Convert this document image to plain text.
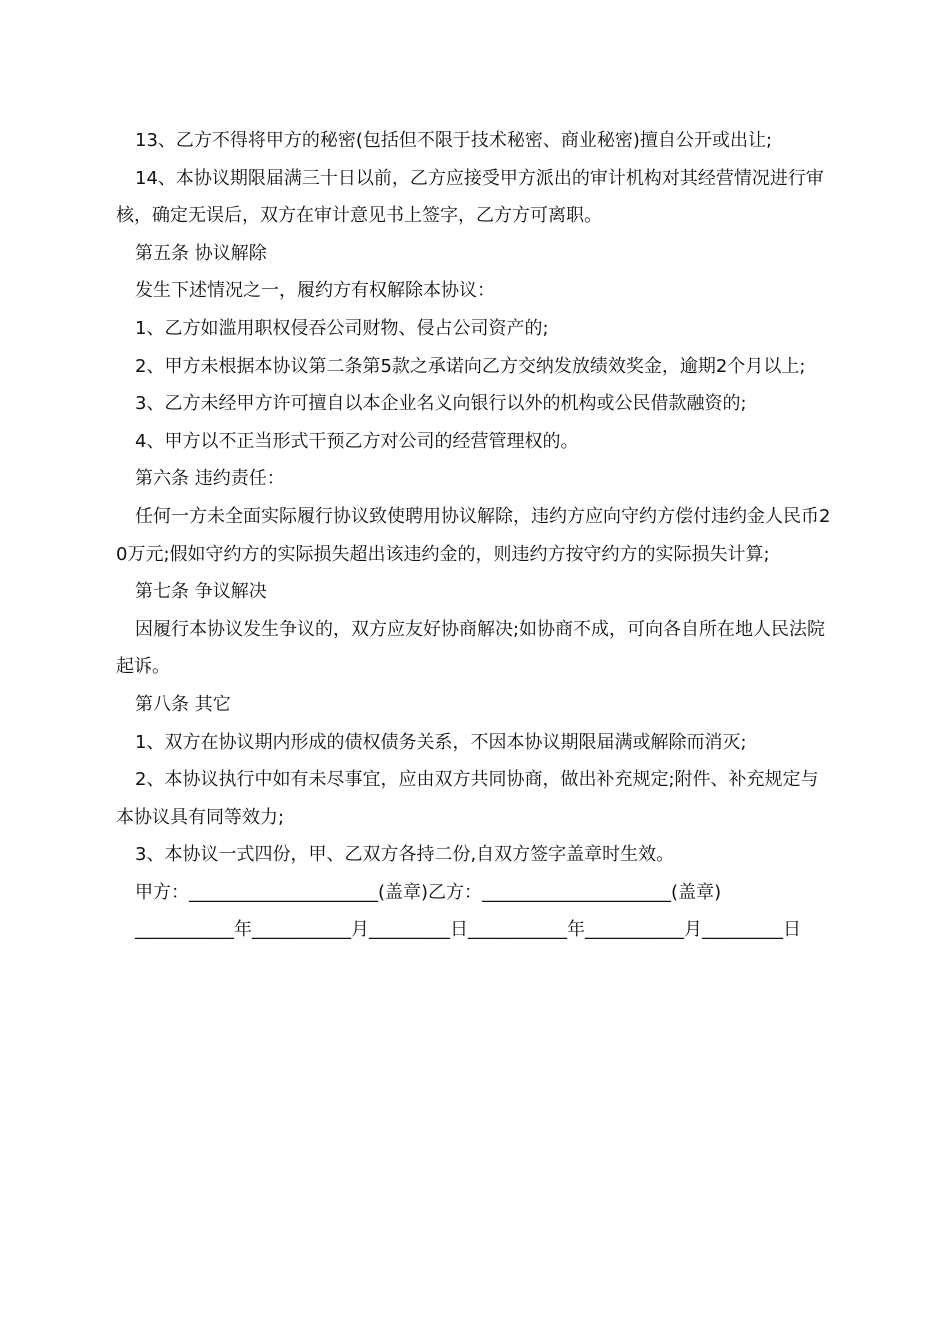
13、乙方不得将甲方的秘密(包括但不限于技术秘密、商业秘密)擅自公开或出让;

14、本协议期限届满三十日以前，乙方应接受甲方派出的审计机构对其经营情况进行审核，确定无误后，双方在审计意见书上签字，乙方方可离职。

第五条 协议解除

发生下述情况之一，履约方有权解除本协议：

1、乙方如滥用职权侵吞公司财物、侵占公司资产的;

2、甲方未根据本协议第二条第5款之承诺向乙方交纳发放绩效奖金，逾期2个月以上;

3、乙方未经甲方许可擅自以本企业名义向银行以外的机构或公民借款融资的;

4、甲方以不正当形式干预乙方对公司的经营管理权的。

第六条 违约责任：

任何一方未全面实际履行协议致使聘用协议解除，违约方应向守约方偿付违约金人民币20万元;假如守约方的实际损失超出该违约金的，则违约方按守约方的实际损失计算;

第七条 争议解决

因履行本协议发生争议的，双方应友好协商解决;如协商不成，可向各自所在地人民法院起诉。

第八条 其它

1、双方在协议期内形成的债权债务关系，不因本协议期限届满或解除而消灭;

2、本协议执行中如有未尽事宜，应由双方共同协商，做出补充规定;附件、补充规定与本协议具有同等效力;

3、本协议一式四份，甲、乙双方各持二份,自双方签字盖章时生效。

甲方：_____________________(盖章)乙方：_____________________(盖章)

___________年___________月_________日___________年___________月_________日
